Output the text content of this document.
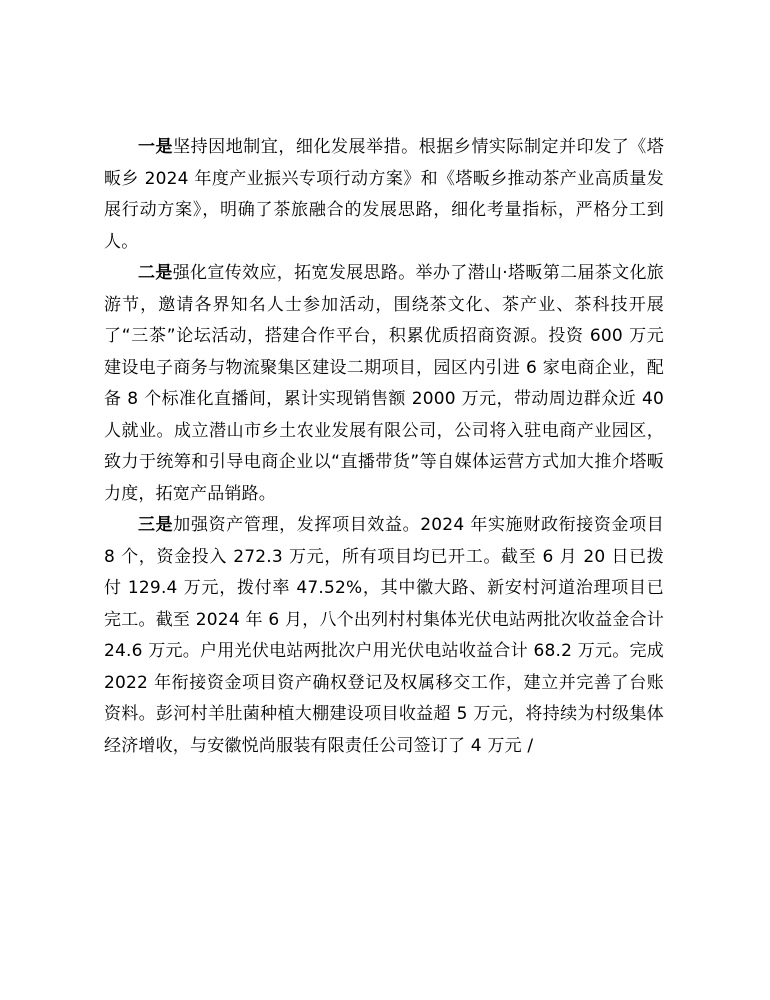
一是坚持因地制宜，细化发展举措。根据乡情实际制定并印发了《塔畈乡 2024 年度产业振兴专项行动方案》和《塔畈乡推动茶产业高质量发展行动方案》，明确了茶旅融合的发展思路，细化考量指标，严格分工到人。

二是强化宣传效应，拓宽发展思路。举办了潜山·塔畈第二届茶文化旅游节，邀请各界知名人士参加活动，围绕茶文化、茶产业、茶科技开展了“三茶”论坛活动，搭建合作平台，积累优质招商资源。投资 600 万元建设电子商务与物流聚集区建设二期项目，园区内引进 6 家电商企业，配备 8 个标准化直播间，累计实现销售额 2000 万元，带动周边群众近 40 人就业。成立潜山市乡土农业发展有限公司，公司将入驻电商产业园区，致力于统筹和引导电商企业以“直播带货”等自媒体运营方式加大推介塔畈力度，拓宽产品销路。

三是加强资产管理，发挥项目效益。2024 年实施财政衔接资金项目 8 个，资金投入 272.3 万元，所有项目均已开工。截至 6 月 20 日已拨付 129.4 万元，拨付率 47.52%，其中徽大路、新安村河道治理项目已完工。截至 2024 年 6 月，八个出列村村集体光伏电站两批次收益金合计 24.6 万元。户用光伏电站两批次户用光伏电站收益合计 68.2 万元。完成 2022 年衔接资金项目资产确权登记及权属移交工作，建立并完善了台账资料。彭河村羊肚菌种植大棚建设项目收益超 5 万元，将持续为村级集体经济增收，与安徽悦尚服装有限责任公司签订了 4 万元 /
